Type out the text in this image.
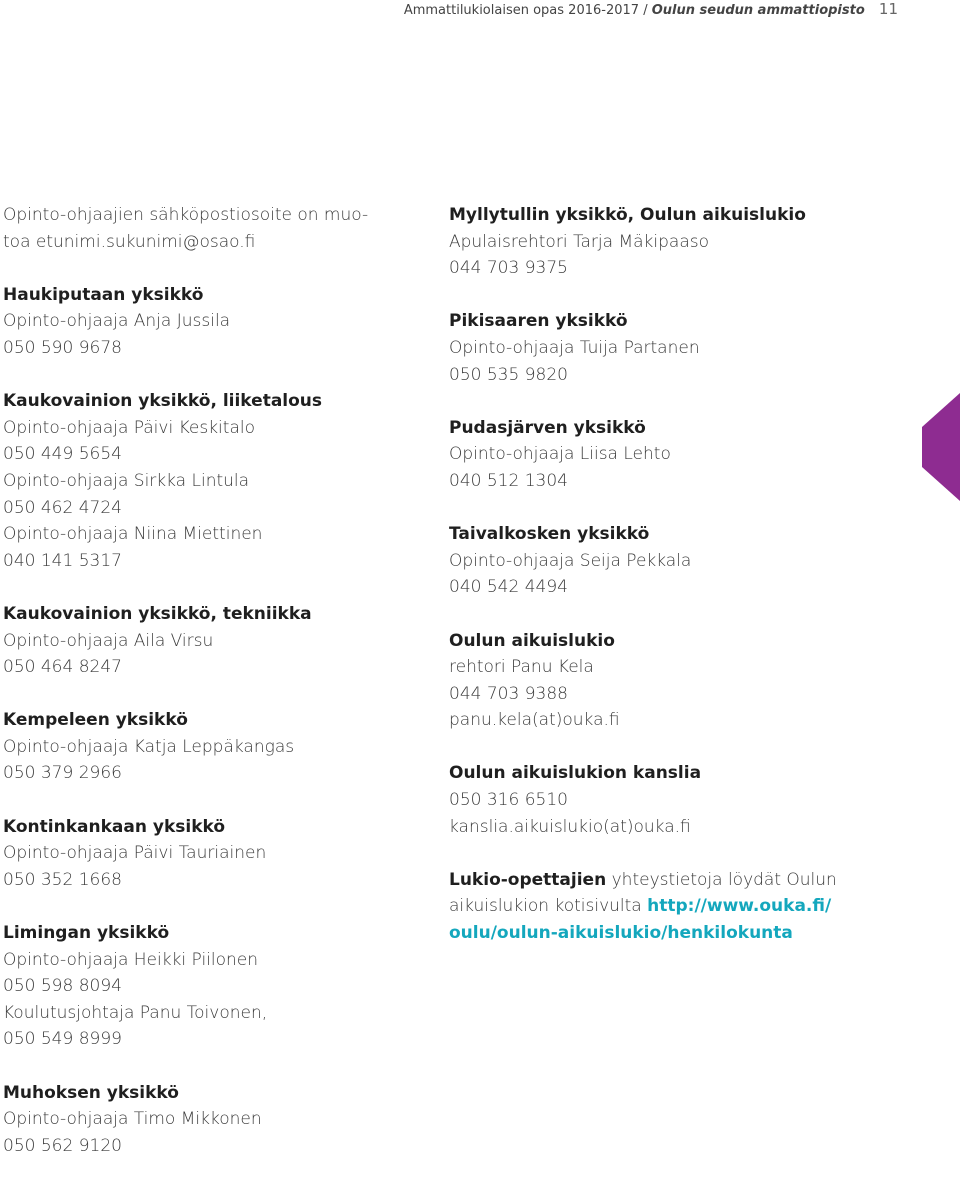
Ammattilukiolaisen opas 2016-2017 / Oulun seudun ammattiopisto 11
Opinto-ohjaajien sähköpostiosoite on muo-
toa etunimi.sukunimi@osao.fi
Haukiputaan yksikkö
Opinto-ohjaaja Anja Jussila
050 590 9678
Kaukovainion yksikkö, liiketalous
Opinto-ohjaaja Päivi Keskitalo
050 449 5654
Opinto-ohjaaja Sirkka Lintula
050 462 4724
Opinto-ohjaaja Niina Miettinen
040 141 5317
Kaukovainion yksikkö, tekniikka
Opinto-ohjaaja Aila Virsu
050 464 8247
Kempeleen yksikkö
Opinto-ohjaaja Katja Leppäkangas
050 379 2966
Kontinkankaan yksikkö
Opinto-ohjaaja Päivi Tauriainen
050 352 1668
Limingan yksikkö
Opinto-ohjaaja Heikki Piilonen
050 598 8094
Koulutusjohtaja Panu Toivonen,
050 549 8999
Muhoksen yksikkö
Opinto-ohjaaja Timo Mikkonen
050 562 9120
Myllytullin yksikkö, Oulun aikuislukio
Apulaisrehtori Tarja Mäkipaaso
044 703 9375
Pikisaaren yksikkö
Opinto-ohjaaja Tuija Partanen
050 535 9820
Pudasjärven yksikkö
Opinto-ohjaaja Liisa Lehto
040 512 1304
Taivalkosken yksikkö
Opinto-ohjaaja Seija Pekkala
040 542 4494
Oulun aikuislukio
rehtori Panu Kela
044 703 9388
panu.kela(at)ouka.fi
Oulun aikuislukion kanslia
050 316 6510
kanslia.aikuislukio(at)ouka.fi
Lukio-opettajien yhteystietoja löydät Oulun
aikuislukion kotisivulta http://www.ouka.fi/
oulu/oulun-aikuislukio/henkilokunta
